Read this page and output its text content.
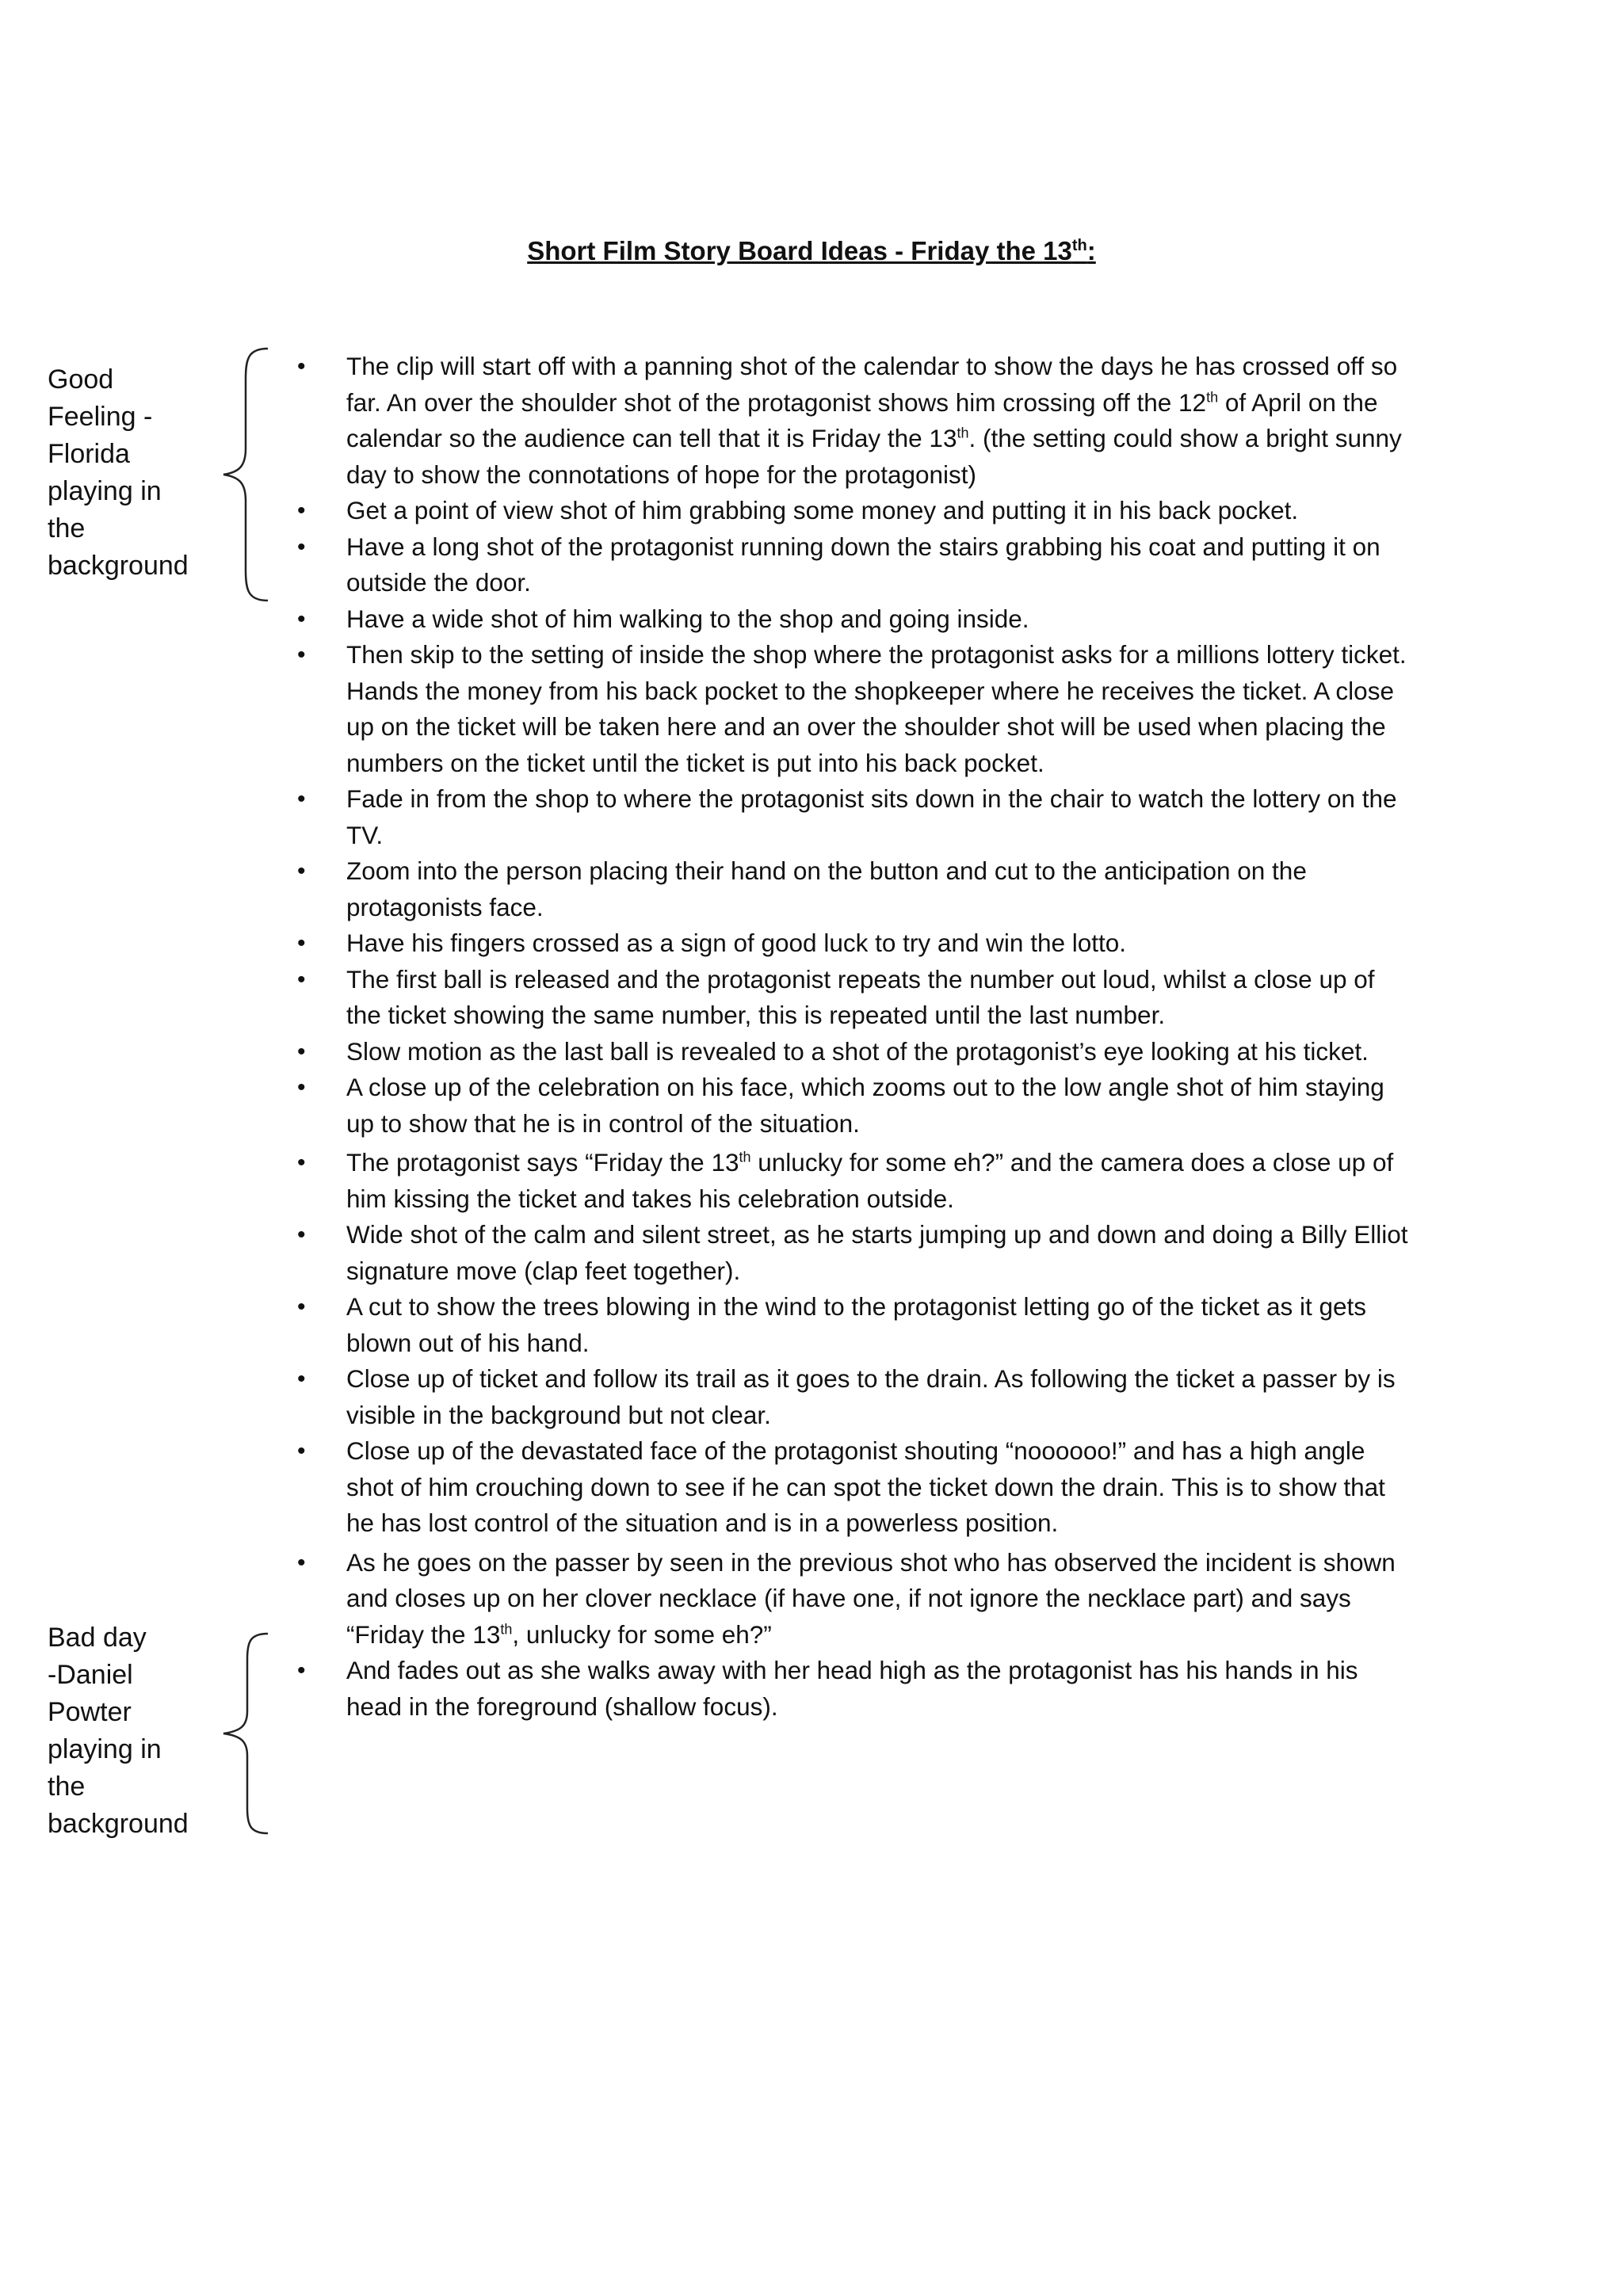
Short Film Story Board Ideas - Friday the 13th:
Good
Feeling -
Florida
playing in
the
background
Bad day
-Daniel
Powter
playing in
the
background
• The clip will start off with a panning shot of the calendar to show the days he has crossed off so far. An over the shoulder shot of the protagonist shows him crossing off the 12th of April on the calendar so the audience can tell that it is Friday the 13th. (the setting could show a bright sunny day to show the connotations of hope for the protagonist)
• Get a point of view shot of him grabbing some money and putting it in his back pocket.
• Have a long shot of the protagonist running down the stairs grabbing his coat and putting it on outside the door.
• Have a wide shot of him walking to the shop and going inside.
• Then skip to the setting of inside the shop where the protagonist asks for a millions lottery ticket. Hands the money from his back pocket to the shopkeeper where he receives the ticket. A close up on the ticket will be taken here and an over the shoulder shot will be used when placing the numbers on the ticket until the ticket is put into his back pocket.
• Fade in from the shop to where the protagonist sits down in the chair to watch the lottery on the TV.
• Zoom into the person placing their hand on the button and cut to the anticipation on the protagonists face.
• Have his fingers crossed as a sign of good luck to try and win the lotto.
• The first ball is released and the protagonist repeats the number out loud, whilst a close up of the ticket showing the same number, this is repeated until the last number.
• Slow motion as the last ball is revealed to a shot of the protagonist’s eye looking at his ticket.
• A close up of the celebration on his face, which zooms out to the low angle shot of him staying up to show that he is in control of the situation.
• The protagonist says “Friday the 13th unlucky for some eh?” and the camera does a close up of him kissing the ticket and takes his celebration outside.
• Wide shot of the calm and silent street, as he starts jumping up and down and doing a Billy Elliot signature move (clap feet together).
• A cut to show the trees blowing in the wind to the protagonist letting go of the ticket as it gets blown out of his hand.
• Close up of ticket and follow its trail as it goes to the drain. As following the ticket a passer by is visible in the background but not clear.
• Close up of the devastated face of the protagonist shouting “noooooo!” and has a high angle shot of him crouching down to see if he can spot the ticket down the drain. This is to show that he has lost control of the situation and is in a powerless position.
• As he goes on the passer by seen in the previous shot who has observed the incident is shown and closes up on her clover necklace (if have one, if not ignore the necklace part) and says “Friday the 13th, unlucky for some eh?”
• And fades out as she walks away with her head high as the protagonist has his hands in his head in the foreground (shallow focus).
